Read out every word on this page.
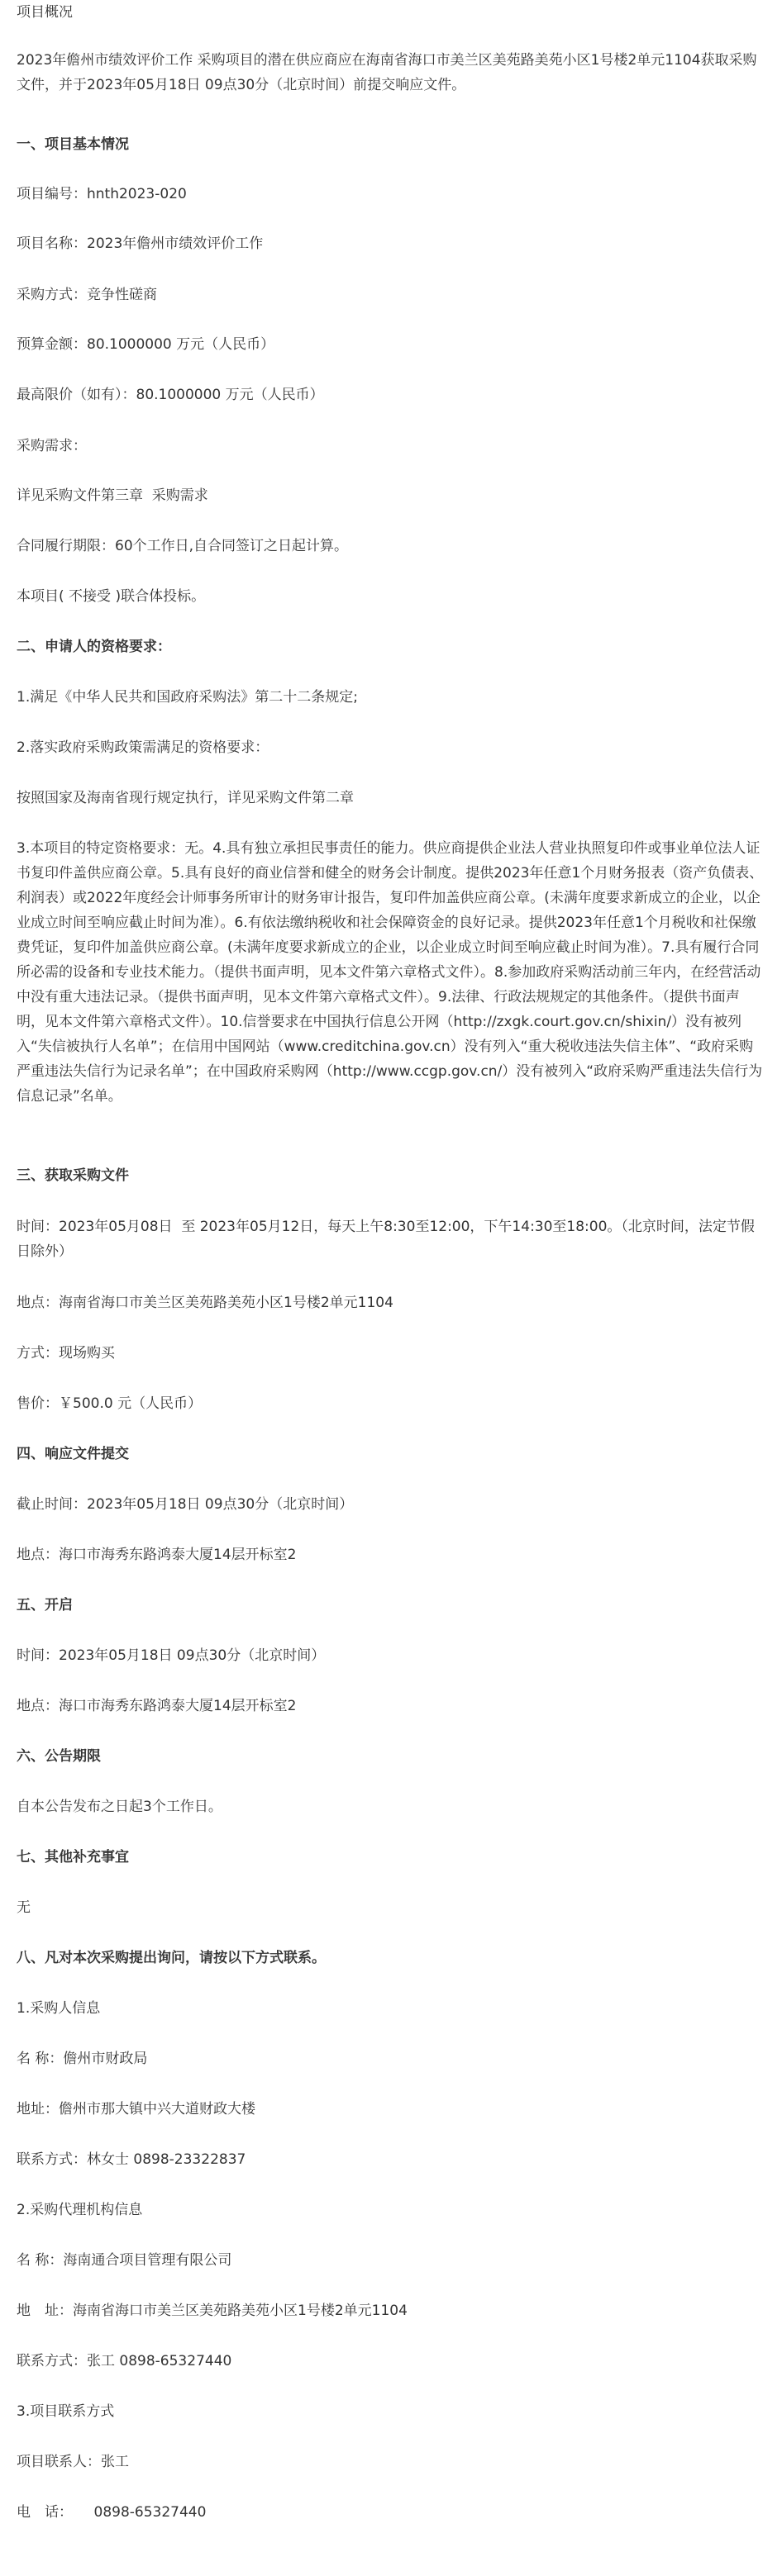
项目概况

2023年儋州市绩效评价工作 采购项目的潜在供应商应在海南省海口市美兰区美苑路美苑小区1号楼2单元1104获取采购文件，并于2023年05月18日 09点30分（北京时间）前提交响应文件。

一、项目基本情况

项目编号：hnth2023-020

项目名称：2023年儋州市绩效评价工作

采购方式：竞争性磋商

预算金额：80.1000000 万元（人民币）

最高限价（如有）：80.1000000 万元（人民币）

采购需求：

详见采购文件第三章  采购需求

合同履行期限：60个工作日,自合同签订之日起计算。

本项目( 不接受 )联合体投标。

二、申请人的资格要求：

1.满足《中华人民共和国政府采购法》第二十二条规定;

2.落实政府采购政策需满足的资格要求：

按照国家及海南省现行规定执行，详见采购文件第二章

3.本项目的特定资格要求：无。4.具有独立承担民事责任的能力。供应商提供企业法人营业执照复印件或事业单位法人证书复印件盖供应商公章。5.具有良好的商业信誉和健全的财务会计制度。提供2023年任意1个月财务报表（资产负债表、利润表）或2022年度经会计师事务所审计的财务审计报告，复印件加盖供应商公章。(未满年度要求新成立的企业，以企业成立时间至响应截止时间为准）。6.有依法缴纳税收和社会保障资金的良好记录。提供2023年任意1个月税收和社保缴费凭证，复印件加盖供应商公章。(未满年度要求新成立的企业，以企业成立时间至响应截止时间为准）。7.具有履行合同所必需的设备和专业技术能力。（提供书面声明，见本文件第六章格式文件）。8.参加政府采购活动前三年内，在经营活动中没有重大违法记录。（提供书面声明，见本文件第六章格式文件）。9.法律、行政法规规定的其他条件。（提供书面声明，见本文件第六章格式文件）。10.信誉要求在中国执行信息公开网（http://zxgk.court.gov.cn/shixin/）没有被列入“失信被执行人名单”；在信用中国网站（www.creditchina.gov.cn）没有列入“重大税收违法失信主体”、“政府采购严重违法失信行为记录名单”；在中国政府采购网（http://www.ccgp.gov.cn/）没有被列入“政府采购严重违法失信行为信息记录”名单。

三、获取采购文件

时间：2023年05月08日  至 2023年05月12日，每天上午8:30至12:00，下午14:30至18:00。（北京时间，法定节假日除外）

地点：海南省海口市美兰区美苑路美苑小区1号楼2单元1104

方式：现场购买

售价：￥500.0 元（人民币）

四、响应文件提交

截止时间：2023年05月18日 09点30分（北京时间）

地点：海口市海秀东路鸿泰大厦14层开标室2

五、开启

时间：2023年05月18日 09点30分（北京时间）

地点：海口市海秀东路鸿泰大厦14层开标室2

六、公告期限

自本公告发布之日起3个工作日。

七、其他补充事宜

无

八、凡对本次采购提出询问，请按以下方式联系。

1.采购人信息

名 称：儋州市财政局

地址：儋州市那大镇中兴大道财政大楼

联系方式：林女士 0898-23322837

2.采购代理机构信息

名 称：海南通合项目管理有限公司

地　址：海南省海口市美兰区美苑路美苑小区1号楼2单元1104

联系方式：张工 0898-65327440

3.项目联系方式

项目联系人：张工

电　话：　　0898-65327440
